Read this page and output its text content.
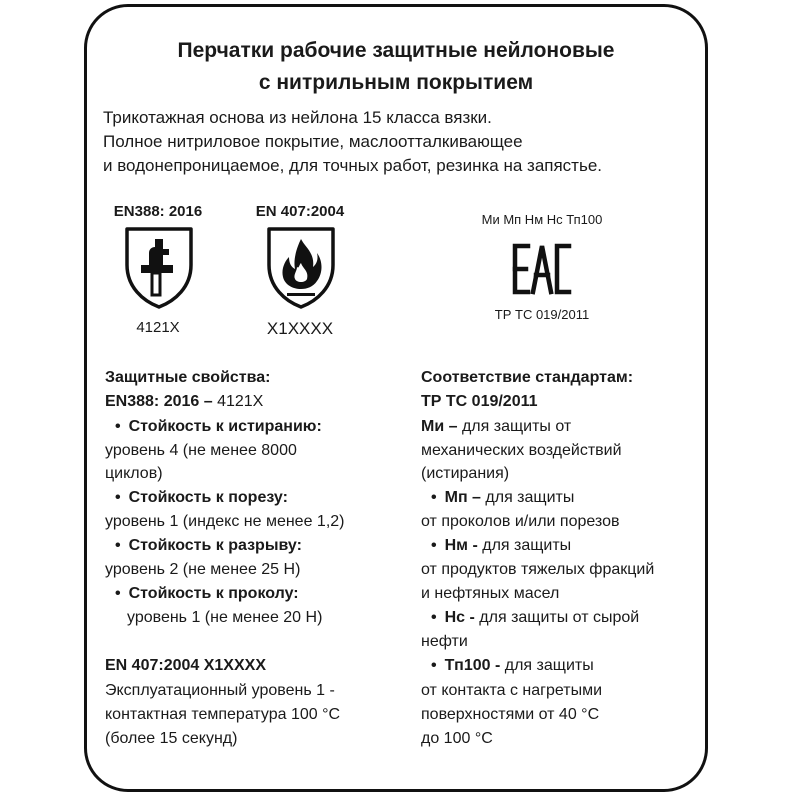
Перчатки рабочие защитные нейлоновые
с нитрильным покрытием
Трикотажная основа из нейлона 15 класса вязки.
Полное нитриловое покрытие, маслоотталкивающее
и водонепроницаемое, для точных работ, резинка на запястье.
EN388: 2016
4121X
EN 407:2004
X1XXXX
Ми Мп Нм Нс Тп100
ТР ТС 019/2011
Защитные свойства:
EN388: 2016 – 4121X
• Стойкость к истиранию:
уровень 4 (не менее 8000
циклов)
• Стойкость к порезу:
уровень 1 (индекс не менее 1,2)
• Стойкость к разрыву:
уровень 2 (не менее 25 Н)
• Стойкость к проколу:
уровень 1 (не менее 20 Н)
EN 407:2004 X1XXXX
Эксплуатационный уровень 1 -
контактная температура 100 °С
(более 15 секунд)
Соответствие стандартам:
ТР ТС 019/2011
Ми – для защиты от
механических воздействий
(истирания)
• Мп – для защиты
от проколов и/или порезов
• Нм - для защиты
от продуктов тяжелых фракций
и нефтяных масел
• Нс - для защиты от сырой
нефти
• Тп100 - для защиты
от контакта с нагретыми
поверхностями от 40 °С
до 100 °С
